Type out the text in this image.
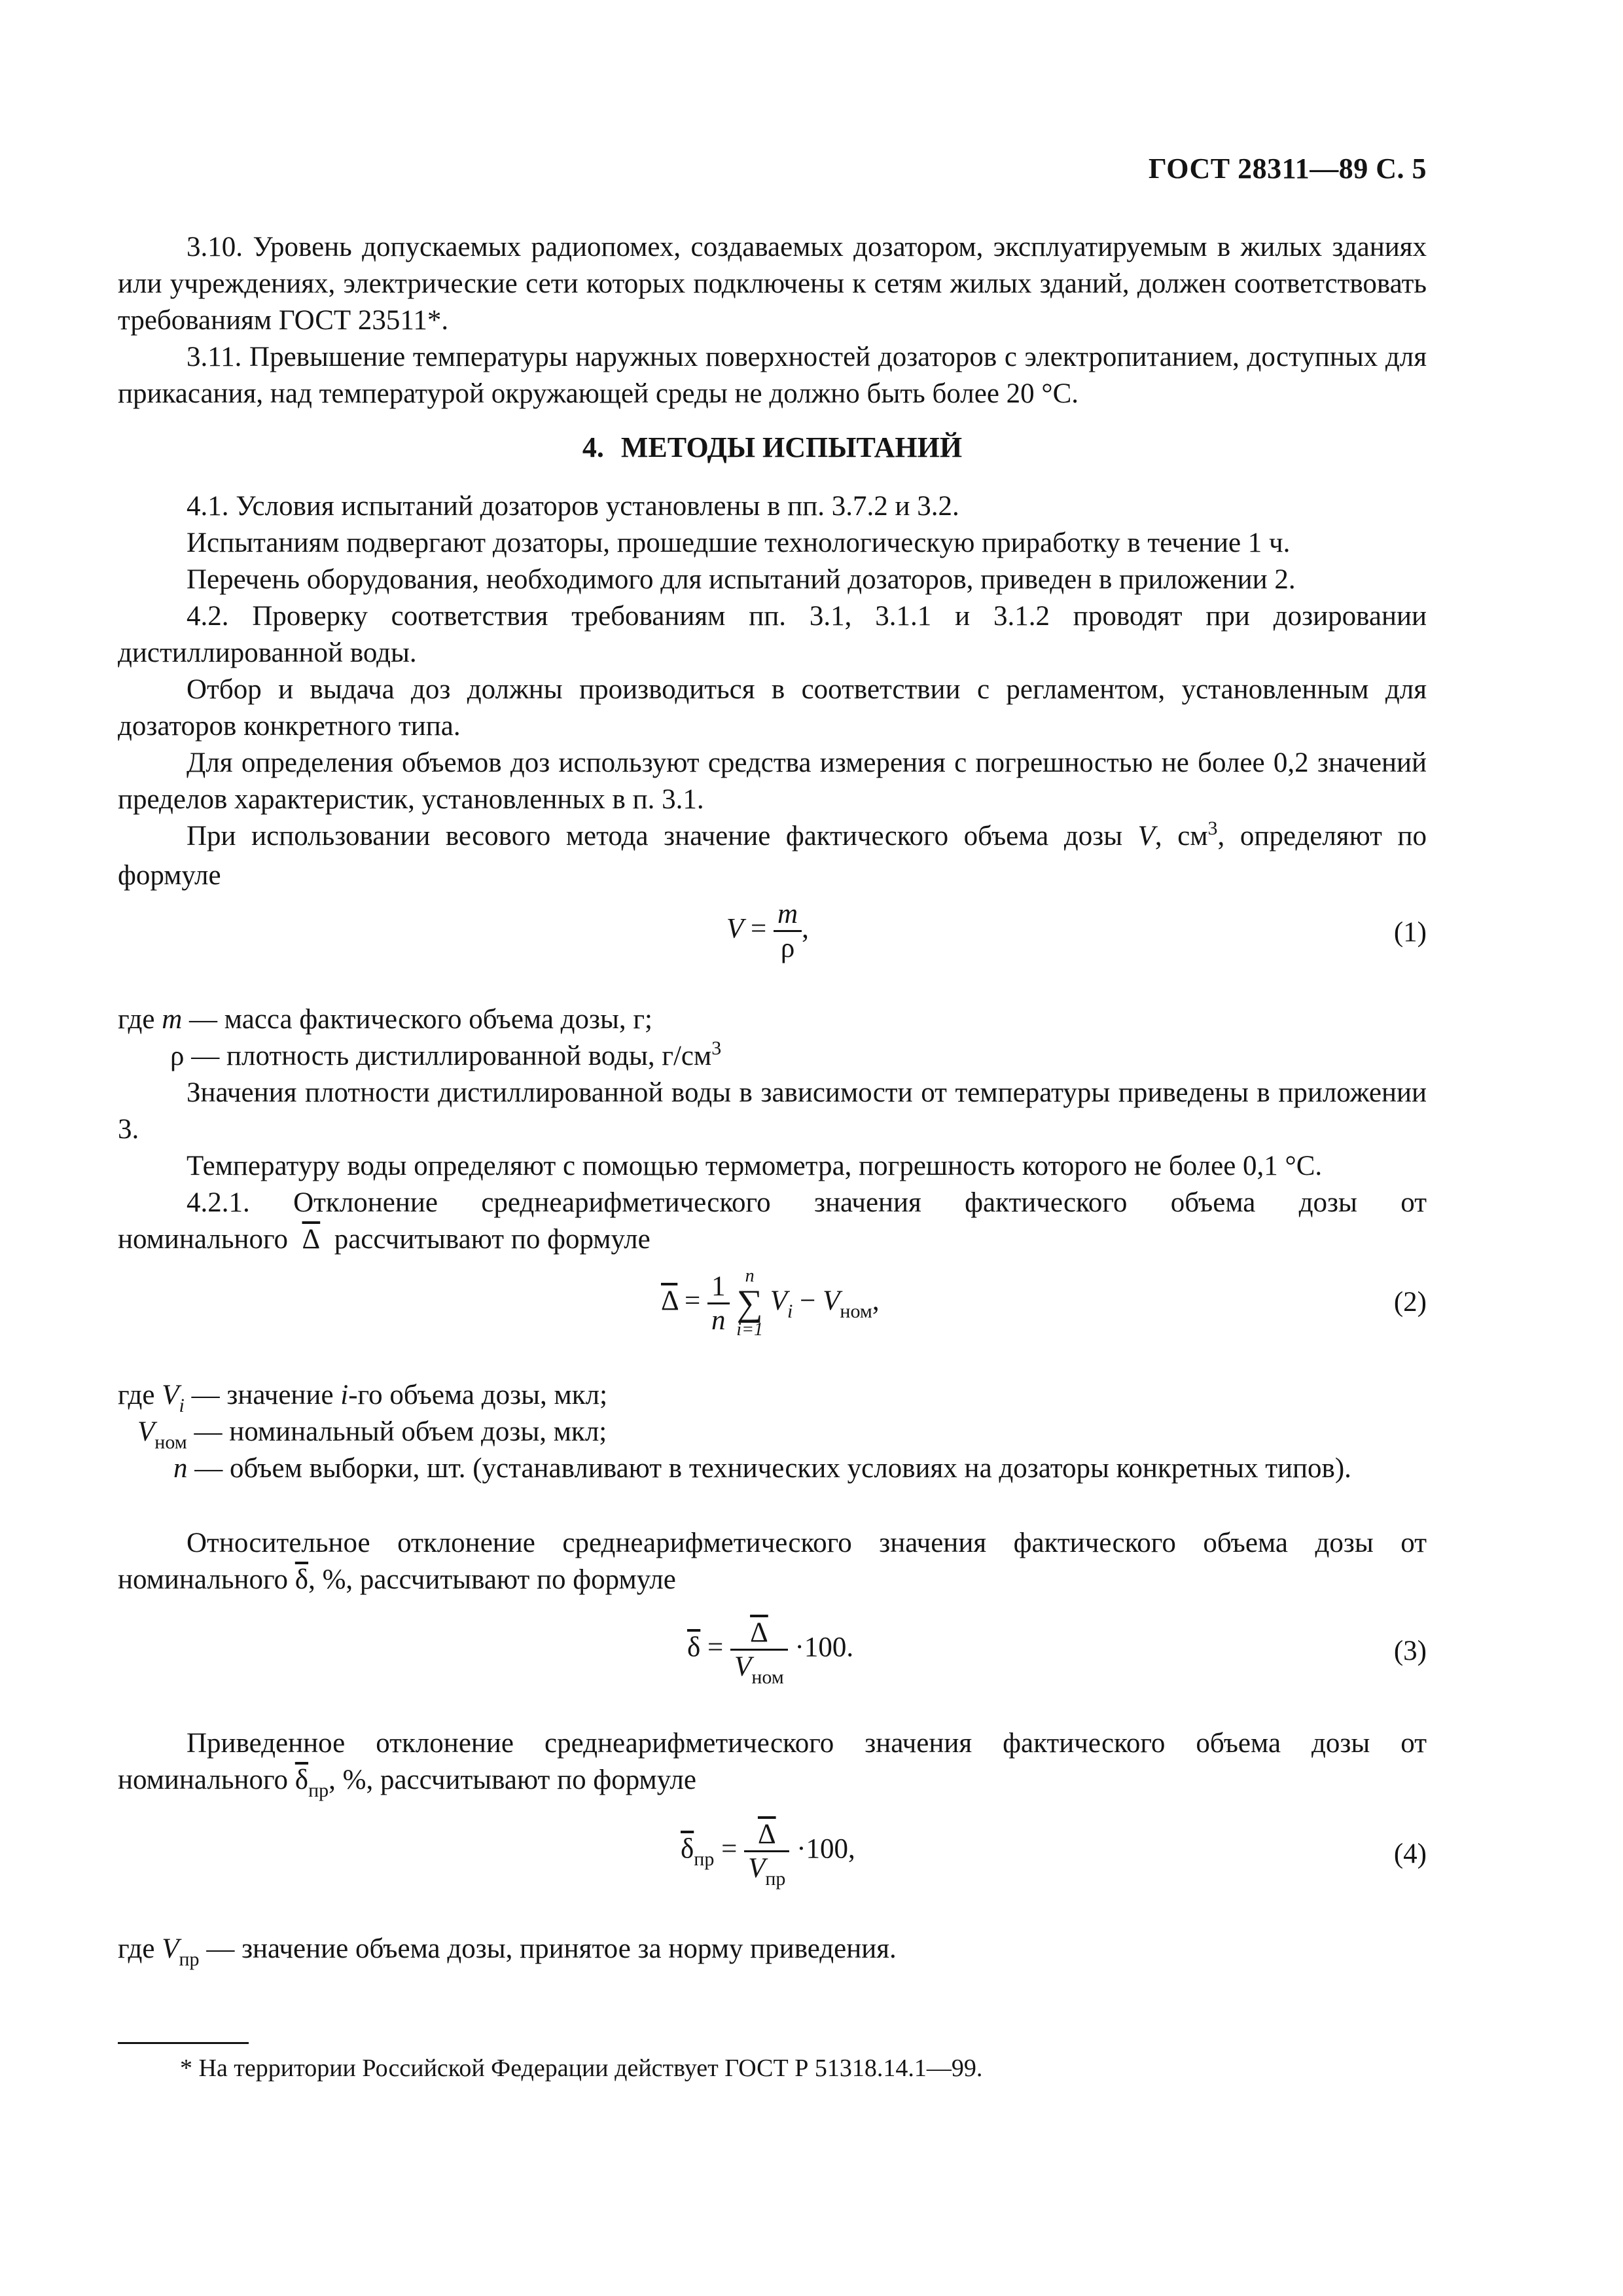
ГОСТ 28311—89 С. 5
3.10. Уровень допускаемых радиопомех, создаваемых дозатором, эксплуатируемым в жилых зданиях или учреждениях, электрические сети которых подключены к сетям жилых зданий, должен соответствовать требованиям ГОСТ 23511*.
3.11. Превышение температуры наружных поверхностей дозаторов с электропитанием, доступных для прикасания, над температурой окружающей среды не должно быть более 20 °С.
4. МЕТОДЫ ИСПЫТАНИЙ
4.1. Условия испытаний дозаторов установлены в пп. 3.7.2 и 3.2.
Испытаниям подвергают дозаторы, прошедшие технологическую приработку в течение 1 ч.
Перечень оборудования, необходимого для испытаний дозаторов, приведен в приложении 2.
4.2. Проверку соответствия требованиям пп. 3.1, 3.1.1 и 3.1.2 проводят при дозировании дистиллированной воды.
Отбор и выдача доз должны производиться в соответствии с регламентом, установленным для дозаторов конкретного типа.
Для определения объемов доз используют средства измерения с погрешностью не более 0,2 значений пределов характеристик, установленных в п. 3.1.
При использовании весового метода значение фактического объема дозы V, $см^3$, определяют по формуле
$V = \frac{m}{\rho}$ ,	(1)
где m — масса фактического объема дозы, г;
ρ — плотность дистиллированной воды, $г/см^3$
Значения плотности дистиллированной воды в зависимости от температуры приведены в приложении 3.
Температуру воды определяют с помощью термометра, погрешность которого не более 0,1 °С.
4.2.1. Отклонение среднеарифметического значения фактического объема дозы от номинального $\overline{\Delta}$ рассчитывают по формуле
$\overline{\Delta} = \frac{1}{n}$
n
∑
i=1
$V_i - V_{ном}$,	(2)
где $V_i$ — значение i-го объема дозы, мкл;
$V_{ном}$ — номинальный объем дозы, мкл;
n — объем выборки, шт. (устанавливают в технических условиях на дозаторы конкретных типов).
Относительное отклонение среднеарифметического значения фактического объема дозы от номинального $\overline{\delta}$, %, рассчитывают по формуле
$\overline{\delta} = \frac{\overline{\Delta}}{V_{ном}} \cdot 100$.	(3)
Приведенное отклонение среднеарифметического значения фактического объема дозы от номинального $\overline{\delta}_{пр}$, %, рассчитывают по формуле
$\overline{\delta}_{пр} = \frac{\overline{\Delta}}{V_{пр}} \cdot 100$,	(4)
где $V_{пр}$ — значение объема дозы, принятое за норму приведения.
* На территории Российской Федерации действует ГОСТ Р 51318.14.1—99.
